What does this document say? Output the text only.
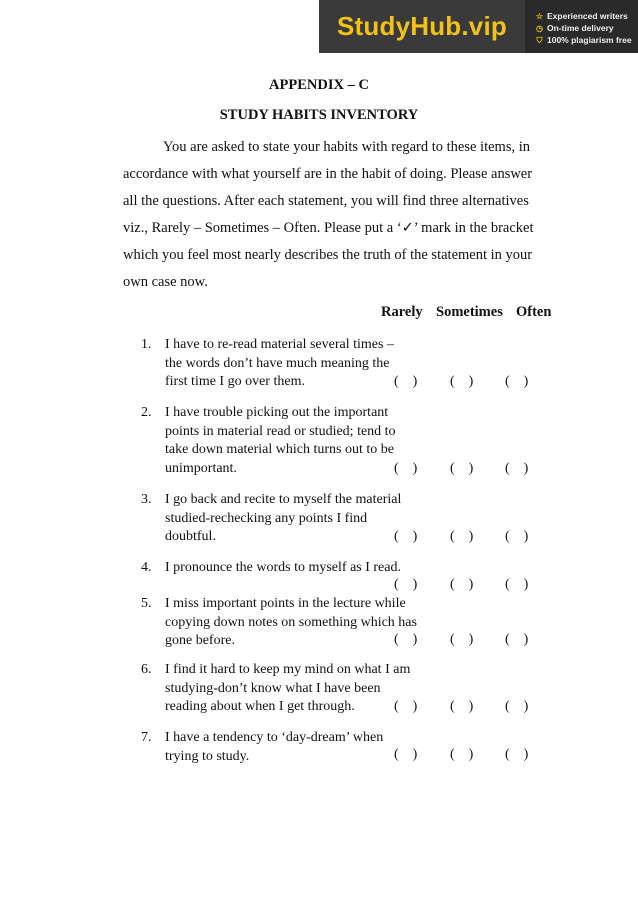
StudyHub.vip	☆ Experienced writers
◷ On-time delivery
⛉ 100% plagiarism free
APPENDIX – C
STUDY HABITS INVENTORY
You are asked to state your habits with regard to these items, in
accordance with what yourself are in the habit of doing. Please answer
all the questions. After each statement, you will find three alternatives
viz., Rarely – Sometimes – Often. Please put a ‘✓’ mark in the bracket
which you feel most nearly describes the truth of the statement in your
own case now.
Rarely Sometimes Often
1. I have to re-read material several times –
the words don’t have much meaning the
first time I go over them.
2. I have trouble picking out the important
points in material read or studied; tend to
take down material which turns out to be
unimportant.
3. I go back and recite to myself the material
studied-rechecking any points I find
doubtful.
4. I pronounce the words to myself as I read.
5. I miss important points in the lecture while
copying down notes on something which has
gone before.
6. I find it hard to keep my mind on what I am
studying-don’t know what I have been
reading about when I get through.
7. I have a tendency to ‘day-dream’ when
trying to study.
(    ) (    ) (    )
(    ) (    ) (    )
(    ) (    ) (    )
(    ) (    ) (    )
(    ) (    ) (    )
(    ) (    ) (    )
(    ) (    ) (    )
